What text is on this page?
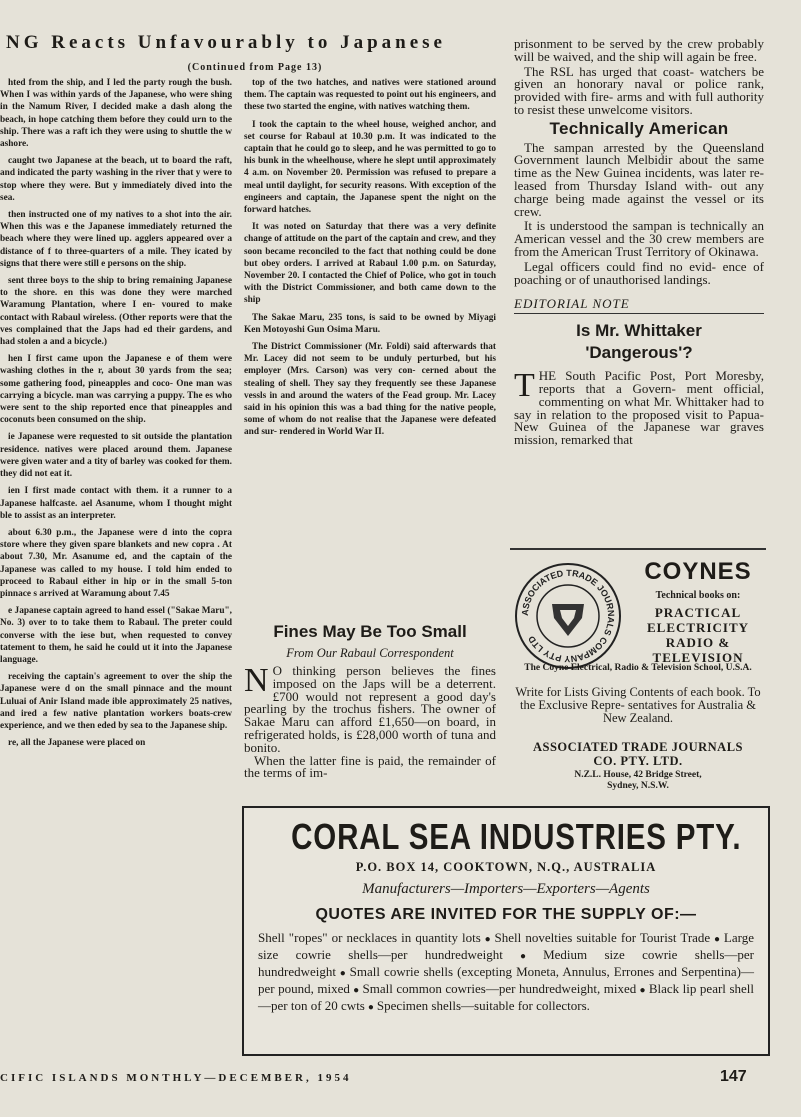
NG Reacts Unfavourably to Japanese
(Continued from Page 13)

hted from the ship, and I led the party rough the bush. When I was within yards of the Japanese, who were shing in the Namum River, I decided make a dash along the beach, in hope catching them before they could urn to the ship. There was a raft ich they were using to shuttle the w ashore.

caught two Japanese at the beach, ut to board the raft, and indicated the party washing in the river that y were to stop where they were. But y immediately dived into the sea.

then instructed one of my natives to a shot into the air. When this was e the Japanese immediately returned the beach where they were lined up. agglers appeared over a distance of f to three-quarters of a mile. They icated by signs that there were still e persons on the ship.

sent three boys to the ship to bring remaining Japanese to the shore. en this was done they were marched Waramung Plantation, where I en- voured to make contact with Rabaul wireless. (Other reports were that the ves complained that the Japs had ed their gardens, and had stolen a and a bicycle.)

hen I first came upon the Japanese e of them were washing clothes in the r, about 30 yards from the sea; some gathering food, pineapples and coco- One man was carrying a bicycle. man was carrying a puppy. The es who were sent to the ship reported ence that pineapples and coconuts been consumed on the ship.

ie Japanese were requested to sit outside the plantation residence. natives were placed around them. Japanese were given water and a tity of barley was cooked for them. they did not eat it.

ien I first made contact with them. it a runner to a Japanese halfcaste. ael Asanume, whom I thought might ble to assist as an interpreter.

about 6.30 p.m., the Japanese were d into the copra store where they given spare blankets and new copra . At about 7.30, Mr. Asanume ed, and the captain of the Japanese was called to my house. I told him ended to proceed to Rabaul either in hip or in the small 5-ton pinnace s arrived at Waramung about 7.45

e Japanese captain agreed to hand essel ("Sakae Maru", No. 3) over to to take them to Rabaul. The preter could converse with the iese but, when requested to convey tatement to them, he said he could ut it into the Japanese language.

receiving the captain's agreement to over the ship the Japanese were d on the small pinnace and the mount Luluai of Anir Island made ible approximately 25 natives, and ired a few native plantation workers boats-crew experience, and we then eded by sea to the Japanese ship.

re, all the Japanese were placed on

top of the two hatches, and natives were stationed around them. The captain was requested to point out his engineers, and these two started the engine, with natives watching them.

I took the captain to the wheel house, weighed anchor, and set course for Rabaul at 10.30 p.m. It was indicated to the captain that he could go to sleep, and he was permitted to go to his bunk in the wheelhouse, where he slept until approximately 4 a.m. on November 20. Permission was refused to prepare a meal until daylight, for security reasons. With exception of the engineers and captain, the Japanese spent the night on the forward hatches.

It was noted on Saturday that there was a very definite change of attitude on the part of the captain and crew, and they soon became reconciled to the fact that nothing could be done but obey orders. I arrived at Rabaul 1.00 p.m. on Saturday, November 20. I contacted the Chief of Police, who got in touch with the District Commissioner, and both came down to the ship

The Sakae Maru, 235 tons, is said to be owned by Miyagi Ken Motoyoshi Gun Osima Maru.

The District Commissioner (Mr. Foldi) said afterwards that Mr. Lacey did not seem to be unduly perturbed, but his employer (Mrs. Carson) was very con- cerned about the stealing of shell. They say they frequently see these Japanese vessls in and around the waters of the Fead group. Mr. Lacey said in his opinion this was a bad thing for the native people, some of whom do not realise that the Japanese were defeated and sur- rendered in World War II.

Fines May Be Too Small
From Our Rabaul Correspondent
N O thinking person believes the fines imposed on the Japs will be a deterrent. £700 would not represent a good day's pearling by the trochus fishers. The owner of Sakae Maru can afford £1,650—on board, in refrigerated holds, is £28,000 worth of tuna and bonito.

When the latter fine is paid, the remainder of the terms of im-

prisonment to be served by the crew probably will be waived, and the ship will again be free.

The RSL has urged that coast- watchers be given an honorary naval or police rank, provided with fire- arms and with full authority to resist these unwelcome visitors.

Technically American

The sampan arrested by the Queensland Government launch Melbidir about the same time as the New Guinea incidents, was later re- leased from Thursday Island with- out any charge being made against the vessel or its crew.

It is understood the sampan is technically an American vessel and the 30 crew members are from the American Trust Territory of Okinawa.

Legal officers could find no evid- ence of poaching or of unauthorised landings.

EDITORIAL NOTE
Is Mr. Whittaker
'Dangerous'?
T HE South Pacific Post, Port Moresby, reports that a Govern- ment official, commenting on what Mr. Whittaker had to say in relation to the proposed visit to Papua-New Guinea of the Japanese war graves mission, remarked that
ASSOCIATED TRADE JOURNALS COMPANY PTY LTD
COYNES
Technical books on:
PRACTICAL
ELECTRICITY
RADIO &
TELEVISION
The Coyne Electrical, Radio & Television School, U.S.A.
Write for Lists Giving Contents of each book. To the Exclusive Repre- sentatives for Australia & New Zealand.
ASSOCIATED TRADE JOURNALS
CO. PTY. LTD.
N.Z.L. House, 42 Bridge Street,
Sydney, N.S.W.
CORAL SEA INDUSTRIES PTY.
P.O. BOX 14, COOKTOWN, N.Q., AUSTRALIA
Manufacturers—Importers—Exporters—Agents
QUOTES ARE INVITED FOR THE SUPPLY OF:—
Shell "ropes" or necklaces in quantity lots ● Shell novelties suitable for Tourist Trade ● Large size cowrie shells—per hundredweight ● Medium size cowrie shells—per hundredweight ● Small cowrie shells (excepting Moneta, Annulus, Errones and Serpentina)—per pound, mixed ● Small common cowries—per hundredweight, mixed ● Black lip pearl shell—per ton of 20 cwts ● Specimen shells—suitable for collectors.
CIFIC ISLANDS MONTHLY—DECEMBER, 1954	147
